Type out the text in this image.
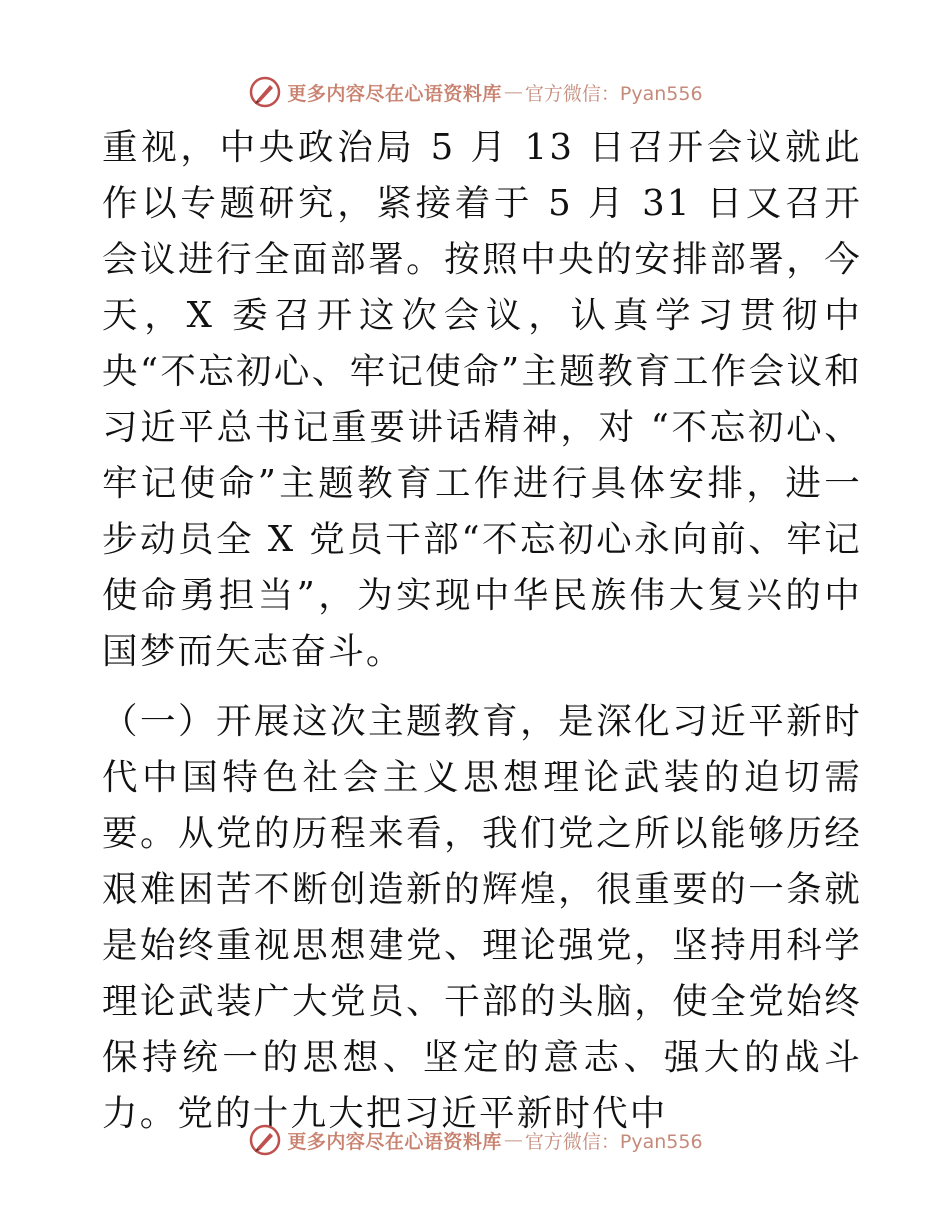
更多内容尽在心语资料库 — 官方微信：Pyan556

重视，中央政治局 5 月 13 日召开会议就此作以专题研究，紧接着于 5 月 31 日又召开会议进行全面部署。按照中央的安排部署，今天，X 委召开这次会议，认真学习贯彻中央“不忘初心、牢记使命”主题教育工作会议和习近平总书记重要讲话精神，对 “不忘初心、牢记使命”主题教育工作进行具体安排，进一步动员全 X 党员干部“不忘初心永向前、牢记使命勇担当”，为实现中华民族伟大复兴的中国梦而矢志奋斗。

（一）开展这次主题教育，是深化习近平新时代中国特色社会主义思想理论武装的迫切需要。从党的历程来看，我们党之所以能够历经艰难困苦不断创造新的辉煌，很重要的一条就是始终重视思想建党、理论强党，坚持用科学理论武装广大党员、干部的头脑，使全党始终保持统一的思想、坚定的意志、强大的战斗力。党的十九大把习近平新时代中

更多内容尽在心语资料库 — 官方微信：Pyan556
